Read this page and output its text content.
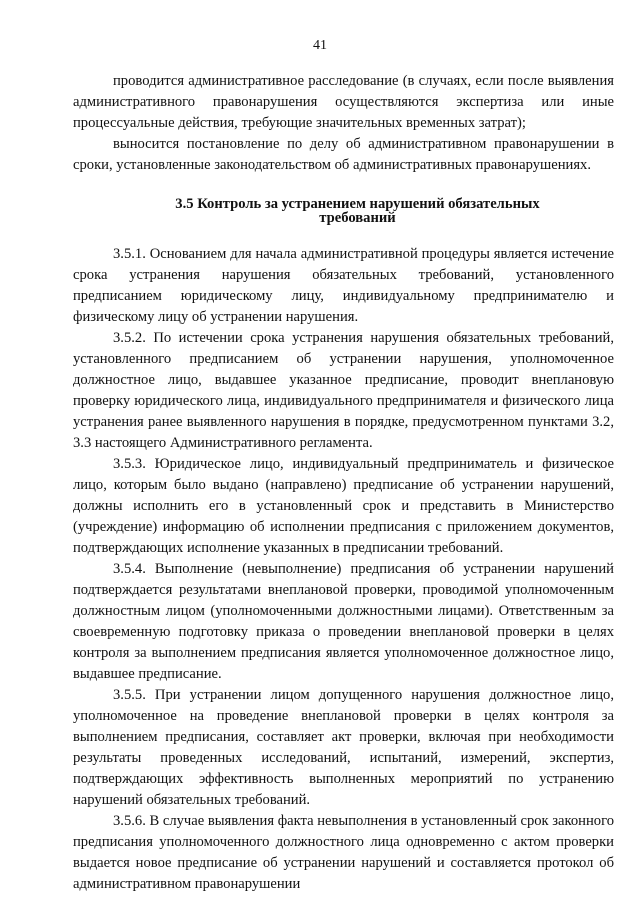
41

проводится административное расследование (в случаях, если после выявления административного правонарушения осуществляются экспертиза или иные процессуальные действия, требующие значительных временных затрат);

выносится постановление по делу об административном правонарушении в сроки, установленные законодательством об административных правонарушениях.

3.5 Контроль за устранением нарушений обязательных
требований

3.5.1. Основанием для начала административной процедуры является истечение срока устранения нарушения обязательных требований, установленного предписанием юридическому лицу, индивидуальному предпринимателю и физическому лицу об устранении нарушения.

3.5.2. По истечении срока устранения нарушения обязательных требований, установленного предписанием об устранении нарушения, уполномоченное должностное лицо, выдавшее указанное предписание, проводит внеплановую проверку юридического лица, индивидуального предпринимателя и физического лица устранения ранее выявленного нарушения в порядке, предусмотренном пунктами 3.2, 3.3 настоящего Административного регламента.

3.5.3. Юридическое лицо, индивидуальный предприниматель и физическое лицо, которым было выдано (направлено) предписание об устранении нарушений, должны исполнить его в установленный срок и представить в Министерство (учреждение) информацию об исполнении предписания с приложением документов, подтверждающих исполнение указанных в предписании требований.

3.5.4. Выполнение (невыполнение) предписания об устранении нарушений подтверждается результатами внеплановой проверки, проводимой уполномоченным должностным лицом (уполномоченными должностными лицами). Ответственным за своевременную подготовку приказа о проведении внеплановой проверки в целях контроля за выполнением предписания является уполномоченное должностное лицо, выдавшее предписание.

3.5.5. При устранении лицом допущенного нарушения должностное лицо, уполномоченное на проведение внеплановой проверки в целях контроля за выполнением предписания, составляет акт проверки, включая при необходимости результаты проведенных исследований, испытаний, измерений, экспертиз, подтверждающих эффективность выполненных мероприятий по устранению нарушений обязательных требований.

3.5.6. В случае выявления факта невыполнения в установленный срок законного предписания уполномоченного должностного лица одновременно с актом проверки выдается новое предписание об устранении нарушений и составляется протокол об административном правонарушении
